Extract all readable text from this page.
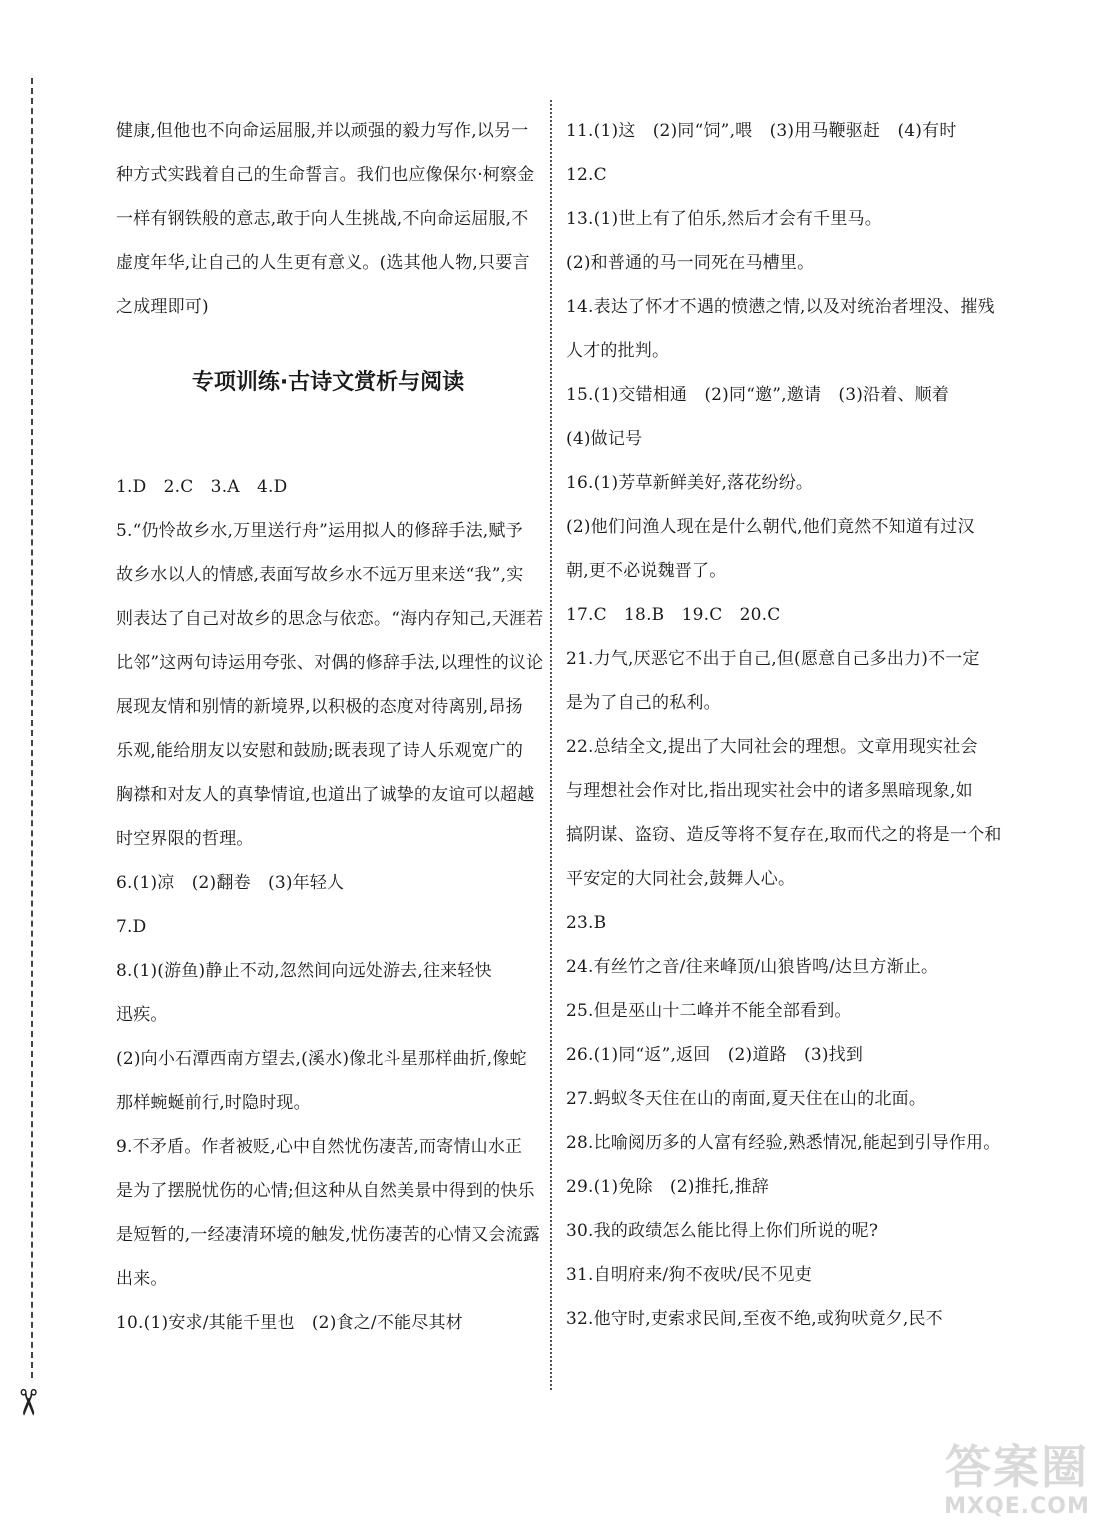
✂
健康,但他也不向命运屈服,并以顽强的毅力写作,以另一
种方式实践着自己的生命誓言。我们也应像保尔·柯察金
一样有钢铁般的意志,敢于向人生挑战,不向命运屈服,不
虚度年华,让自己的人生更有意义。(选其他人物,只要言
之成理即可)
专项训练·古诗文赏析与阅读
1.D　2.C　3.A　4.D
5.“仍怜故乡水,万里送行舟”运用拟人的修辞手法,赋予
故乡水以人的情感,表面写故乡水不远万里来送“我”,实
则表达了自己对故乡的思念与依恋。“海内存知己,天涯若
比邻”这两句诗运用夸张、对偶的修辞手法,以理性的议论
展现友情和别情的新境界,以积极的态度对待离别,昂扬
乐观,能给朋友以安慰和鼓励;既表现了诗人乐观宽广的
胸襟和对友人的真挚情谊,也道出了诚挚的友谊可以超越
时空界限的哲理。
6.(1)凉　(2)翻卷　(3)年轻人
7.D
8.(1)(游鱼)静止不动,忽然间向远处游去,往来轻快
迅疾。
(2)向小石潭西南方望去,(溪水)像北斗星那样曲折,像蛇
那样蜿蜒前行,时隐时现。
9.不矛盾。作者被贬,心中自然忧伤凄苦,而寄情山水正
是为了摆脱忧伤的心情;但这种从自然美景中得到的快乐
是短暂的,一经凄清环境的触发,忧伤凄苦的心情又会流露
出来。
10.(1)安求/其能千里也　(2)食之/不能尽其材
11.(1)这　(2)同“饲”,喂　(3)用马鞭驱赶　(4)有时
12.C
13.(1)世上有了伯乐,然后才会有千里马。
(2)和普通的马一同死在马槽里。
14.表达了怀才不遇的愤懑之情,以及对统治者埋没、摧残
人才的批判。
15.(1)交错相通　(2)同“邀”,邀请　(3)沿着、顺着
(4)做记号
16.(1)芳草新鲜美好,落花纷纷。
(2)他们问渔人现在是什么朝代,他们竟然不知道有过汉
朝,更不必说魏晋了。
17.C　18.B　19.C　20.C
21.力气,厌恶它不出于自己,但(愿意自己多出力)不一定
是为了自己的私利。
22.总结全文,提出了大同社会的理想。文章用现实社会
与理想社会作对比,指出现实社会中的诸多黑暗现象,如
搞阴谋、盗窃、造反等将不复存在,取而代之的将是一个和
平安定的大同社会,鼓舞人心。
23.B
24.有丝竹之音/往来峰顶/山狼皆鸣/达旦方渐止。
25.但是巫山十二峰并不能全部看到。
26.(1)同“返”,返回　(2)道路　(3)找到
27.蚂蚁冬天住在山的南面,夏天住在山的北面。
28.比喻阅历多的人富有经验,熟悉情况,能起到引导作用。
29.(1)免除　(2)推托,推辞
30.我的政绩怎么能比得上你们所说的呢?
31.自明府来/狗不夜吠/民不见吏
32.他守时,吏索求民间,至夜不绝,或狗吠竟夕,民不
答案圈
MXQE.COM
